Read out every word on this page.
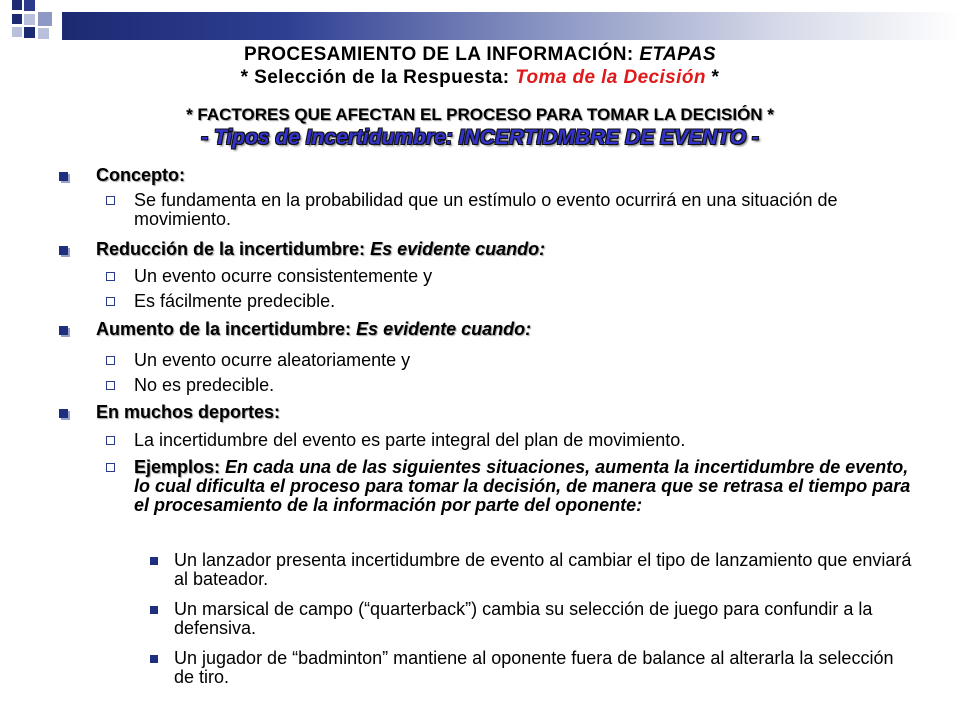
PROCESAMIENTO DE LA INFORMACIÓN: ETAPAS
* Selección de la Respuesta: Toma de la Decisión *
* FACTORES QUE AFECTAN EL PROCESO PARA TOMAR LA DECISIÓN *
- Tipos de Incertidumbre: INCERTIDMBRE DE EVENTO -
Concepto:
Se fundamenta en la probabilidad que un estímulo o evento ocurrirá en una situación de movimiento.
Reducción de la incertidumbre: Es evidente cuando:
Un evento ocurre consistentemente y
Es fácilmente predecible.
Aumento de la incertidumbre: Es evidente cuando:
Un evento ocurre aleatoriamente y
No es predecible.
En muchos deportes:
La incertidumbre del evento es parte integral del plan de movimiento.
Ejemplos: En cada una de las siguientes situaciones, aumenta la incertidumbre de evento, lo cual dificulta el proceso para tomar la decisión, de manera que se retrasa el tiempo para el procesamiento de la información por parte del oponente:
Un lanzador presenta incertidumbre de evento al cambiar el tipo de lanzamiento que enviará al bateador.
Un marsical de campo (“quarterback”) cambia su selección de juego para confundir a la defensiva.
Un jugador de “badminton” mantiene al oponente fuera de balance al alterarla la selección de tiro.
